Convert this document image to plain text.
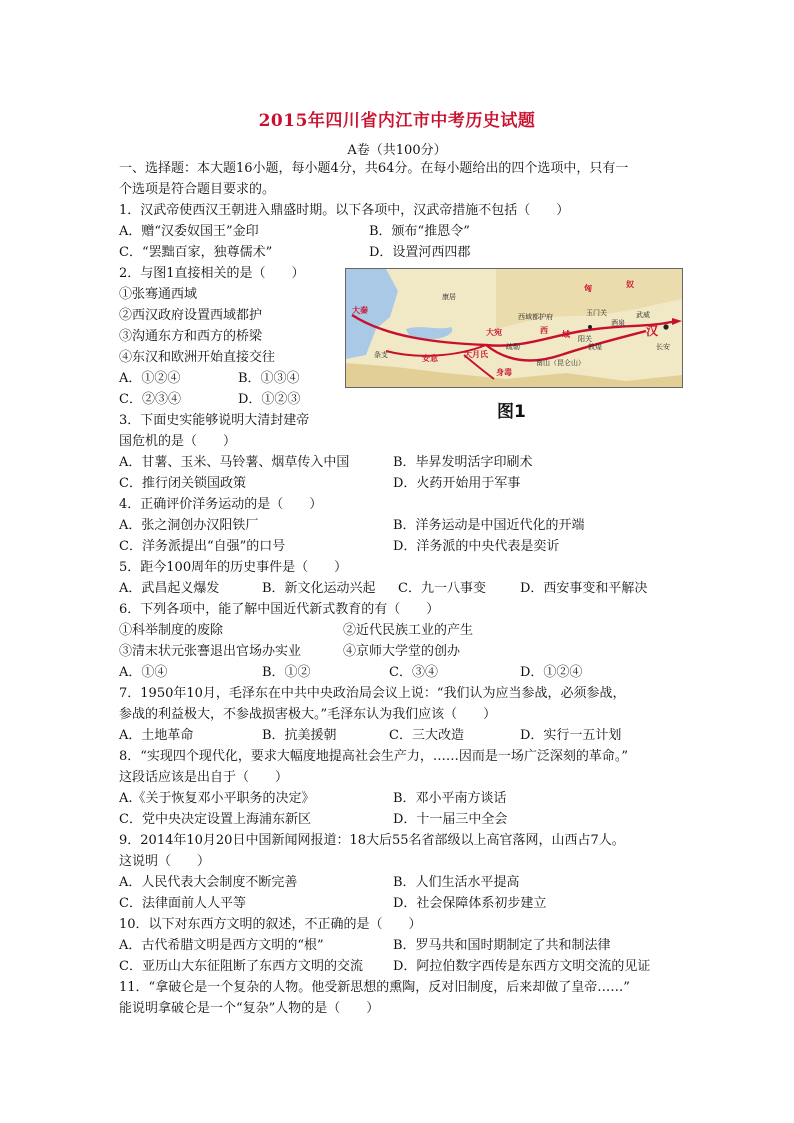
2015年四川省内江市中考历史试题
A卷（共100分）
一、选择题：本大题16小题，每小题4分，共64分。在每小题给出的四个选项中，只有一
个选项是符合题目要求的。
1．汉武帝使西汉王朝进入鼎盛时期。以下各项中，汉武帝措施不包括（　　）
A．赠“汉委奴国王”金印	B．颁布“推恩令”
C．“罢黜百家，独尊儒术”	D．设置河西四郡
2．与图1直接相关的是（　　）
①张骞通西域
②西汉政府设置西域都护
③沟通东方和西方的桥梁
④东汉和欧洲开始直接交往
A．①②④	B．①③④
C．②③④	D．①②③
匈	奴
汉
长安
西
西域都护府	玉门关
酒泉
武威
阳关
敦煌
康居
大宛
大月氏
安息
身毒
大秦
条支
疏勒
南山（昆仑山）
域
图1
3．下面史实能够说明大清封建帝
国危机的是（　　）
A．甘薯、玉米、马铃薯、烟草传入中国	B．毕昇发明活字印刷术
C．推行闭关锁国政策	D．火药开始用于军事
4．正确评价洋务运动的是（　　）
A．张之洞创办汉阳铁厂	B．洋务运动是中国近代化的开端
C．洋务派提出“自强”的口号	D．洋务派的中央代表是奕䜣
5．距今100周年的历史事件是（　　）
A．武昌起义爆发	B．新文化运动兴起 C．九一八事变	D．西安事变和平解决
6．下列各项中，能了解中国近代新式教育的有（　　）
①科举制度的废除	②近代民族工业的产生
③清末状元张謇退出官场办实业	④京师大学堂的创办
A．①④	B．①②	C．③④	D．①②④
7．1950年10月，毛泽东在中共中央政治局会议上说：“我们认为应当参战，必须参战，
参战的利益极大，不参战损害极大。”毛泽东认为我们应该（　　）
A．土地革命	B．抗美援朝	C．三大改造	D．实行一五计划
8．“实现四个现代化，要求大幅度地提高社会生产力，……因而是一场广泛深刻的革命。”
这段话应该是出自于（　　）
A.《关于恢复邓小平职务的决定》	B．邓小平南方谈话
C．党中央决定设置上海浦东新区	D．十一届三中全会
9．2014年10月20日中国新闻网报道：18大后55名省部级以上高官落网，山西占7人。
这说明（　　）
A．人民代表大会制度不断完善	B．人们生活水平提高
C．法律面前人人平等	D．社会保障体系初步建立
10．以下对东西方文明的叙述，不正确的是（　　）
A．古代希腊文明是西方文明的“根”	B．罗马共和国时期制定了共和制法律
C．亚历山大东征阻断了东西方文明的交流 D．阿拉伯数字西传是东西方文明交流的见证
11．“拿破仑是一个复杂的人物。他受新思想的熏陶，反对旧制度，后来却做了皇帝……”
能说明拿破仑是一个“复杂”人物的是（　　）
